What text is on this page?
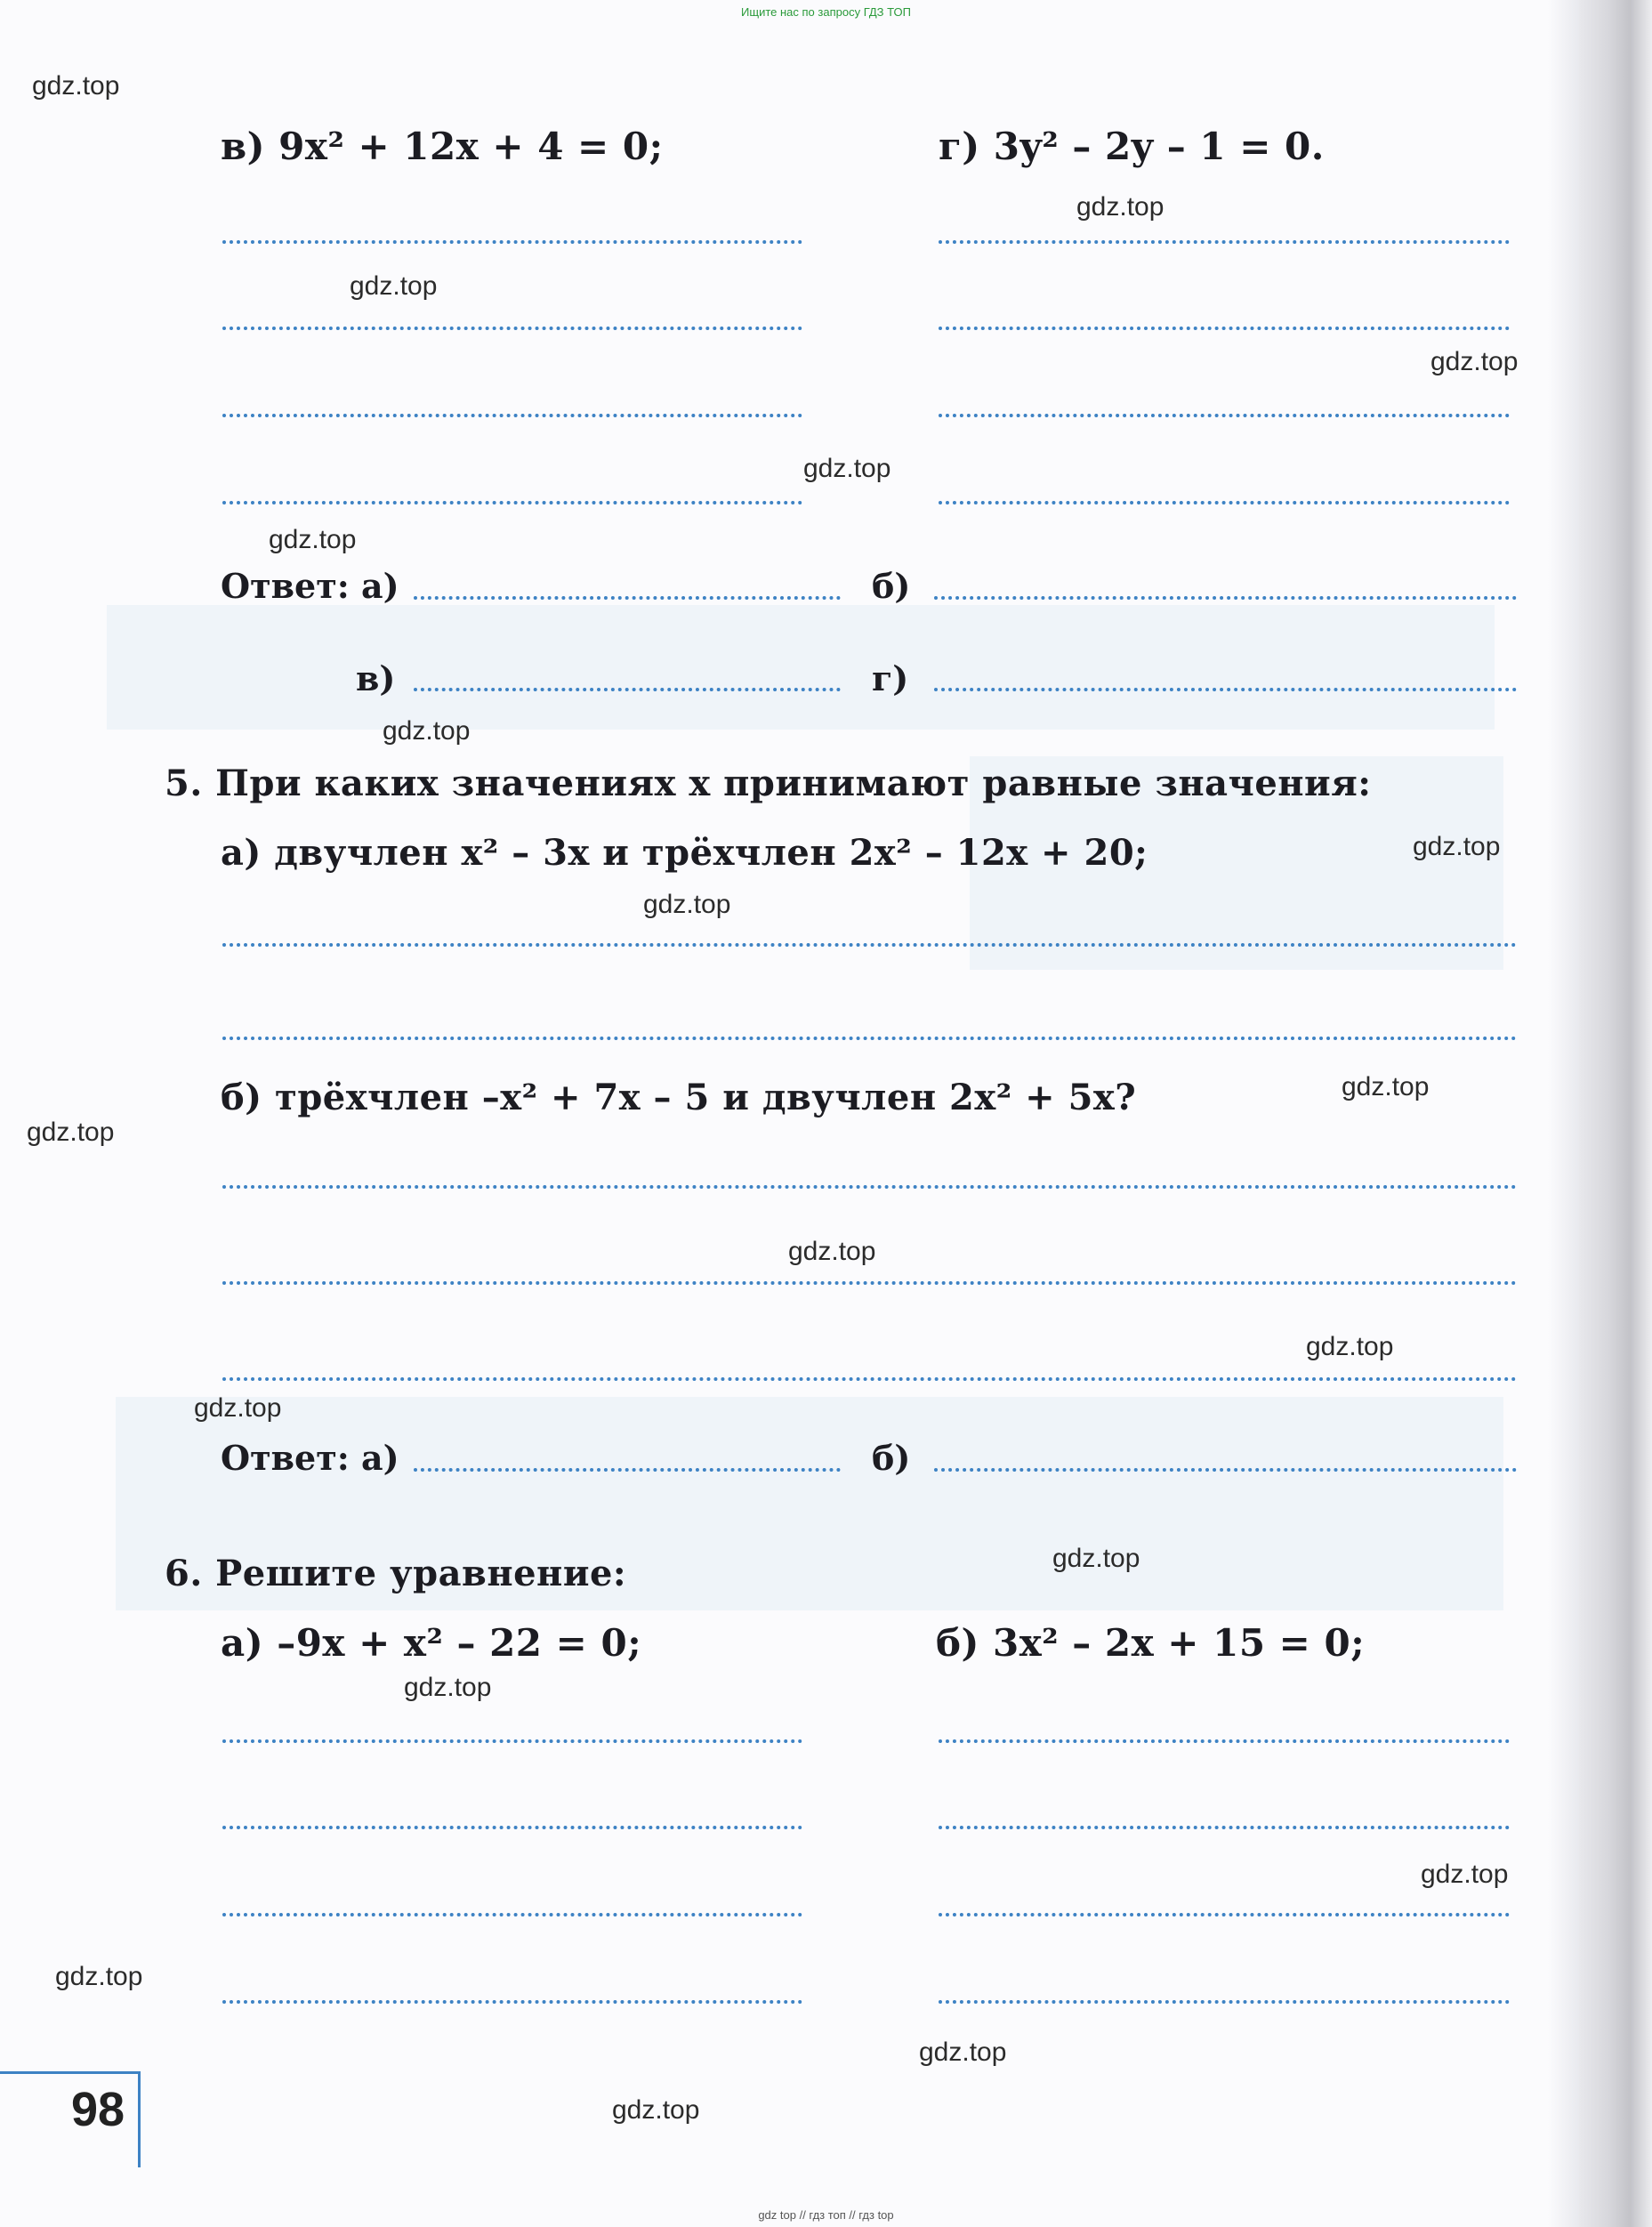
Ищите нас по запросу ГДЗ ТОП
в) 9x² + 12x + 4 = 0;	г) 3y² – 2y – 1 = 0.
Ответ: а)	б)
в)	г)
5. При каких значениях x принимают равные значения:
а) двучлен x² – 3x и трёхчлен 2x² – 12x + 20;
б) трёхчлен –x² + 7x – 5 и двучлен 2x² + 5x?
Ответ: а)	б)
6. Решите уравнение:
а) –9x + x² – 22 = 0;	б) 3x² – 2x + 15 = 0;
98
gdz.top
gdz.top
gdz.top
gdz.top
gdz.top
gdz.top
gdz.top
gdz.top
gdz.top
gdz.top
gdz.top
gdz.top
gdz.top
gdz.top
gdz.top
gdz.top
gdz.top
gdz.top
gdz.top
gdz.top
gdz top // гдз топ // гдз top
